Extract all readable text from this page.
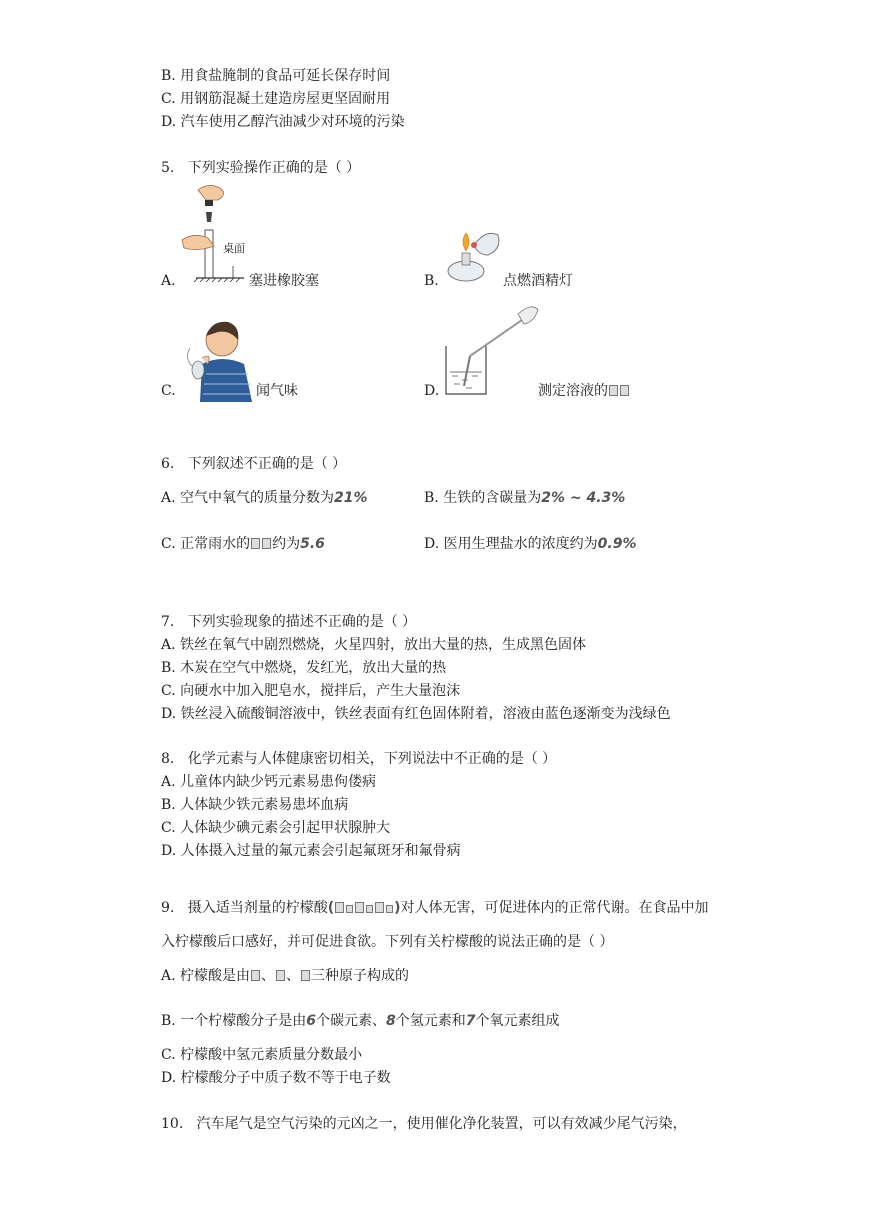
B. 用食盐腌制的食品可延长保存时间
C. 用钢筋混凝土建造房屋更坚固耐用
D. 汽车使用乙醇汽油减少对环境的污染
5.   下列实验操作正确的是（ ）
A.
桌面
塞进橡胶塞	B.	点燃酒精灯
C.	闻气味	D.	测定溶液的
6.   下列叙述不正确的是（ ）
A. 空气中氧气的质量分数为21%	B. 生铁的含碳量为2% ~ 4.3%
C. 正常雨水的 约为5.6	D. 医用生理盐水的浓度约为0.9%
7.   下列实验现象的描述不正确的是（ ）
A. 铁丝在氧气中剧烈燃烧，火星四射，放出大量的热，生成黑色固体
B. 木炭在空气中燃烧，发红光，放出大量的热
C. 向硬水中加入肥皂水，搅拌后，产生大量泡沫
D. 铁丝浸入硫酸铜溶液中，铁丝表面有红色固体附着，溶液由蓝色逐渐变为浅绿色
8.   化学元素与人体健康密切相关，下列说法中不正确的是（ ）
A. 儿童体内缺少钙元素易患佝偻病
B. 人体缺少铁元素易患坏血病
C. 人体缺少碘元素会引起甲状腺肿大
D. 人体摄入过量的氟元素会引起氟斑牙和氟骨病
9.   摄入适当剂量的柠檬酸(	)对人体无害，可促进体内的正常代谢。在食品中加
入柠檬酸后口感好，并可促进食欲。下列有关柠檬酸的说法正确的是（ ）
A. 柠檬酸是由 、 、 三种原子构成的
B. 一个柠檬酸分子是由6个碳元素、8个氢元素和7个氧元素组成
C. 柠檬酸中氢元素质量分数最小
D. 柠檬酸分子中质子数不等于电子数
10.   汽车尾气是空气污染的元凶之一，使用催化净化装置，可以有效减少尾气污染，
